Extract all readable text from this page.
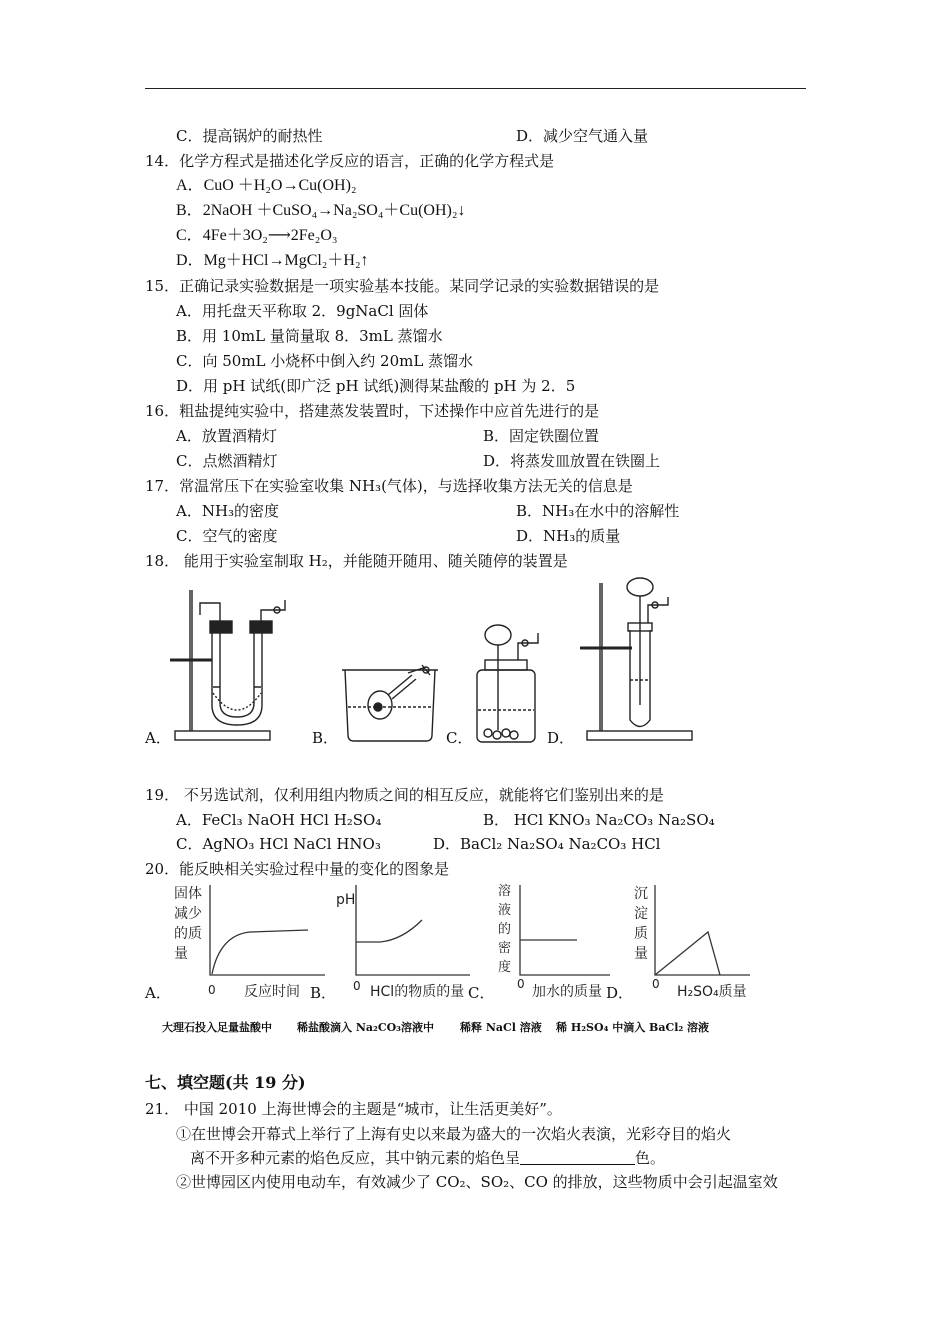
C．提高锅炉的耐热性	D．减少空气通入量
14．化学方程式是描述化学反应的语言，正确的化学方程式是
A．CuO ＋H₂O→Cu(OH)₂
B．2NaOH ＋CuSO₄→Na₂SO₄＋Cu(OH)₂↓
C．4Fe＋3O₂⟶2Fe₂O₃
D．Mg＋HCl→MgCl₂＋H₂↑
15．正确记录实验数据是一项实验基本技能。某同学记录的实验数据错误的是
A．用托盘天平称取 2．9gNaCl 固体
B．用 10mL 量筒量取 8．3mL 蒸馏水
C．向 50mL 小烧杯中倒入约 20mL 蒸馏水
D．用 pH 试纸(即广泛 pH 试纸)测得某盐酸的 pH 为 2．5
16．粗盐提纯实验中，搭建蒸发装置时，下述操作中应首先进行的是
A．放置酒精灯	B．固定铁圈位置
C．点燃酒精灯	D．将蒸发皿放置在铁圈上
17．常温常压下在实验室收集 NH₃(气体)，与选择收集方法无关的信息是
A．NH₃的密度	B．NH₃在水中的溶解性
C．空气的密度	D．NH₃的质量
18． 能用于实验室制取 H₂，并能随开随用、随关随停的装置是
A．	B．	C．	D．
19． 不另选试剂，仅利用组内物质之间的相互反应，就能将它们鉴别出来的是
A．FeCl₃ NaOH HCl H₂SO₄	B． HCl KNO₃ Na₂CO₃ Na₂SO₄
C．AgNO₃ HCl NaCl HNO₃	D．BaCl₂ Na₂SO₄ Na₂CO₃ HCl
20．能反映相关实验过程中量的变化的图象是
固体
减少
的质
量
0 反应时间
pH
0 HCl的物质的量
溶
液
的
密
度
0 加水的质量
沉
淀
质
量
0 H₂SO₄质量
A．	B．	C．	D．
大理石投入足量盐酸中 稀盐酸滴入 Na₂CO₃溶液中 稀释 NaCl 溶液 稀 H₂SO₄ 中滴入 BaCl₂ 溶液
七、填空题(共 19 分)
21． 中国 2010 上海世博会的主题是“城市，让生活更美好”。
①在世博会开幕式上举行了上海有史以来最为盛大的一次焰火表演，光彩夺目的焰火
离不开多种元素的焰色反应，其中钠元素的焰色呈	色。
②世博园区内使用电动车，有效减少了 CO₂、SO₂、CO 的排放，这些物质中会引起温室效
